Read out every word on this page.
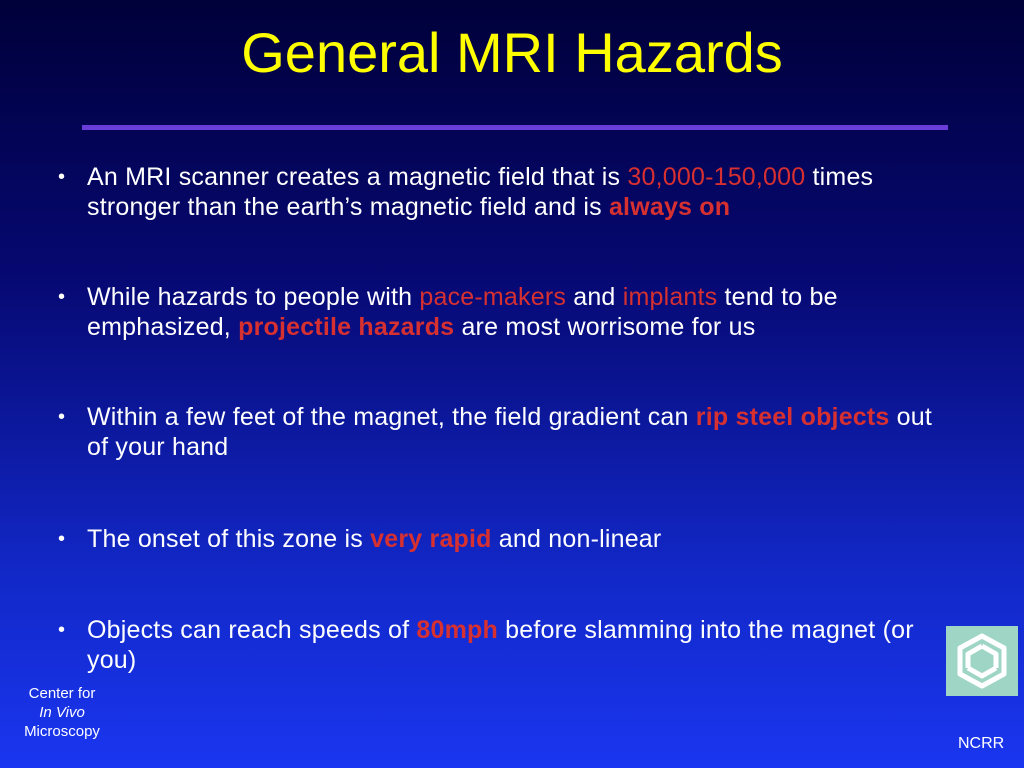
General MRI Hazards
• An MRI scanner creates a magnetic field that is 30,000-150,000 times stronger than the earth’s magnetic field and is always on
• While hazards to people with pace-makers and implants tend to be emphasized, projectile hazards are most worrisome for us
• Within a few feet of the magnet, the field gradient can rip steel objects out of your hand
• The onset of this zone is very rapid and non-linear
• Objects can reach speeds of 80mph before slamming into the magnet (or you)
Center for
In Vivo
Microscopy
NCRR
